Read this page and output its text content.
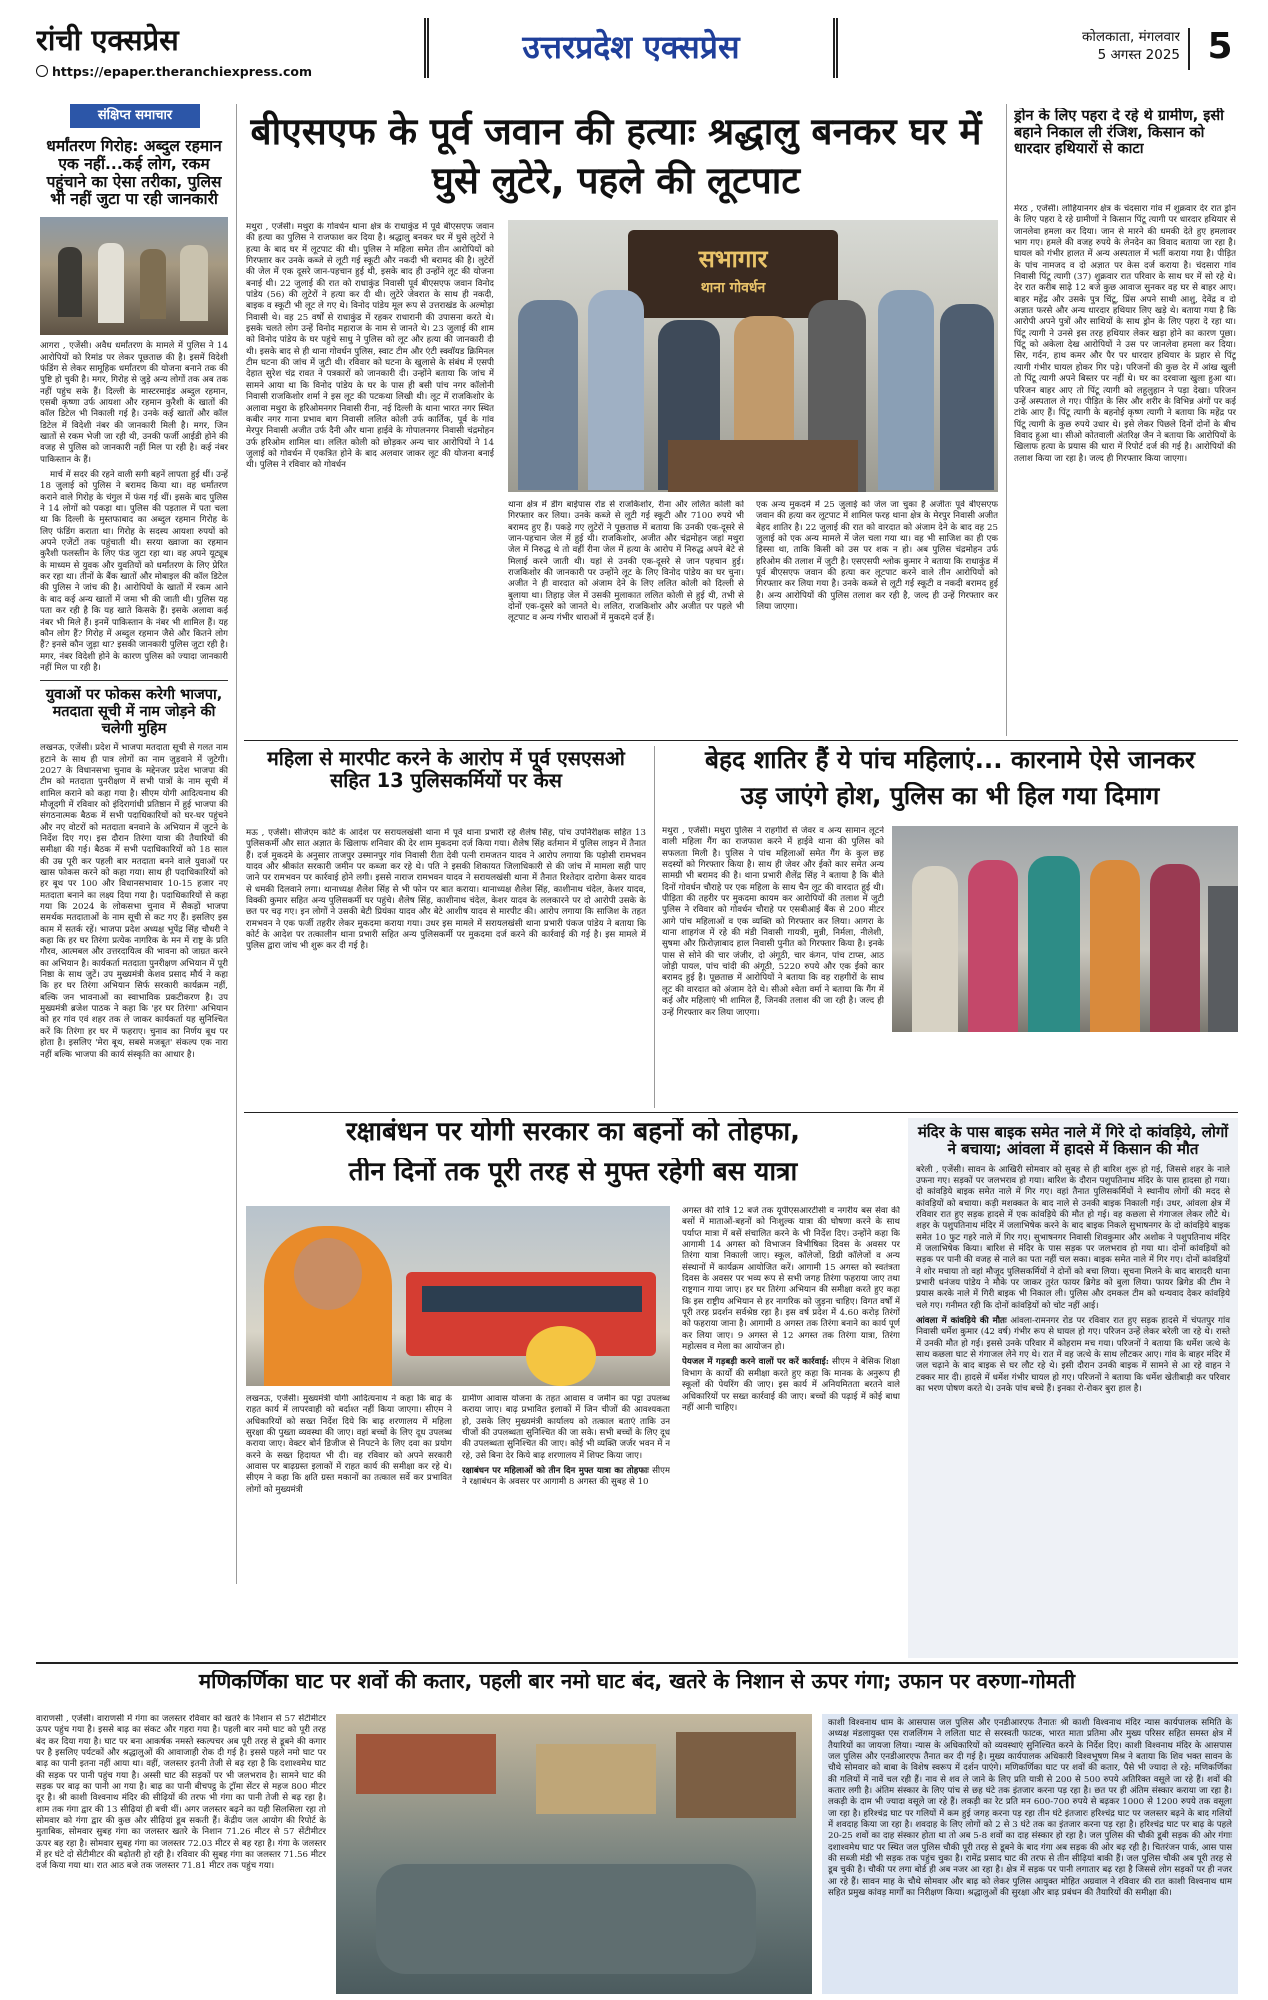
रांची एक्सप्रेस
https://epaper.theranchiexpress.com
उत्तरप्रदेश एक्सप्रेस	कोलकाता, मंगलवार
5 अगस्त 2025 5
संक्षिप्त समाचार
धर्मांतरण गिरोह: अब्दुल रहमान एक नहीं...कई लोग, रकम पहुंचाने का ऐसा तरीका, पुलिस भी नहीं जुटा पा रही जानकारी
आगरा , एजेंसी। अवैध धर्मांतरण के मामले में पुलिस ने 14 आरोपियों को रिमांड पर लेकर पूछताछ की है। इसमें विदेशी फंडिंग से लेकर सामूहिक धर्मांतरण की योजना बनाने तक की पुष्टि हो चुकी है। मगर, गिरोह से जुड़े अन्य लोगों तक अब तक नहीं पहुंच सके हैं। दिल्ली के मास्टरमाइंड अब्दुल रहमान, एसबी कृष्णा उर्फ आयशा और रहमान कुरैशी के खातों की कॉल डिटेल भी निकाली गई है। उनके कई खातों और कॉल डिटेल में विदेशी नंबर की जानकारी मिली है। मगर, जिन खातों से रकम भेजी जा रही थी, उनकी फर्जी आईडी होने की वजह से पुलिस को जानकारी नहीं मिल पा रही है। कई नंबर पाकिस्तान के हैं।
मार्च में सदर की रहने वाली सगी बहनें लापता हुई थीं। उन्हें 18 जुलाई को पुलिस ने बरामद किया था। वह धर्मांतरण कराने वाले गिरोह के चंगुल में फंस गई थीं। इसके बाद पुलिस ने 14 लोगों को पकड़ा था। पुलिस की पड़ताल में पता चला था कि दिल्ली के मुस्तफाबाद का अब्दुल रहमान गिरोह के लिए फंडिंग कराता था। गिरोह के सदस्य आयशा रुपयों को अपने एजेंटों तक पहुंचाती थी। सरया ख्वाजा का रहमान कुरैशी फलस्तीन के लिए फंड जुटा रहा था। वह अपने यूट्यूब के माध्यम से युवक और युवतियों को धर्मांतरण के लिए प्रेरित कर रहा था। तीनों के बैंक खातों और मोबाइल की कॉल डिटेल की पुलिस ने जांच की है। आरोपियों के खातों में रकम आने के बाद कई अन्य खातों में जमा भी की जाती थी। पुलिस यह पता कर रही है कि यह खाते किसके हैं। इसके अलावा कई नंबर भी मिले हैं। इनमें पाकिस्तान के नंबर भी शामिल हैं। यह कौन लोग हैं? गिरोह में अब्दुल रहमान जैसे और कितने लोग हैं? इनसे कौन जुड़ा था? इसकी जानकारी पुलिस जुटा रही है। मगर, नंबर विदेशी होने के कारण पुलिस को ज्यादा जानकारी नहीं मिल पा रही है।
युवाओं पर फोकस करेगी भाजपा, मतदाता सूची में नाम जोड़ने की चलेगी मुहिम
लखनऊ, एजेंसी। प्रदेश में भाजपा मतदाता सूची से गलत नाम हटाने के साथ ही पात्र लोगों का नाम जुड़वाने में जुटेगी। 2027 के विधानसभा चुनाव के मद्देनजर प्रदेश भाजपा की टीम को मतदाता पुनरीक्षण में सभी पात्रों के नाम सूची में शामिल कराने को कहा गया है। सीएम योगी आदित्यनाथ की मौजूदगी में रविवार को इंदिरागांधी प्रतिष्ठान में हुई भाजपा की संगठनात्मक बैठक में सभी पदाधिकारियों को घर-घर पहुंचने और नए वोटरों को मतदाता बनवाने के अभियान में जुटने के निर्देश दिए गए। इस दौरान तिरंगा यात्रा की तैयारियों की समीक्षा की गई। बैठक में सभी पदाधिकारियों को 18 साल की उम्र पूरी कर पहली बार मतदाता बनने वाले युवाओं पर खास फोकस करने को कहा गया। साथ ही पदाधिकारियों को हर बूथ पर 100 और विधानसभावार 10-15 हजार नए मतदाता बनाने का लक्ष्य दिया गया है। पदाधिकारियों से कहा गया कि 2024 के लोकसभा चुनाव में सैकड़ों भाजपा समर्थक मतदाताओं के नाम सूची से कट गए हैं। इसलिए इस काम में सतर्क रहें। भाजपा प्रदेश अध्यक्ष भूपेंद्र सिंह चौधरी ने कहा कि हर घर तिरंगा प्रत्येक नागरिक के मन में राष्ट्र के प्रति गौरव, आत्मबल और उत्तरदायित्व की भावना को जाग्रत करने का अभियान है। कार्यकर्ता मतदाता पुनरीक्षण अभियान में पूरी निष्ठा के साथ जुटें। उप मुख्यमंत्री केशव प्रसाद मौर्य ने कहा कि हर घर तिरंगा अभियान सिर्फ सरकारी कार्यक्रम नहीं, बल्कि जन भावनाओं का स्वाभाविक प्रकटीकरण है। उप मुख्यमंत्री ब्रजेश पाठक ने कहा कि 'हर घर तिरंगा' अभियान को हर गांव एवं शहर तक ले जाकर कार्यकर्ता यह सुनिश्चित करें कि तिरंगा हर घर में फहराए। चुनाव का निर्णय बूथ पर होता है। इसलिए 'मेरा बूथ, सबसे मजबूत' संकल्प एक नारा नहीं बल्कि भाजपा की कार्य संस्कृति का आधार है।
बीएसएफ के पूर्व जवान की हत्याः श्रद्धालु बनकर घर में घुसे लुटेरे, पहले की लूटपाट
मथुरा , एजेंसी। मथुरा के गोवर्धन थाना क्षेत्र के राधाकुंड में पूर्व बीएसएफ जवान की हत्या का पुलिस ने राजफाश कर दिया है। श्रद्धालु बनकर घर में घुसे लुटेरों ने हत्या के बाद घर में लूटपाट की थी। पुलिस ने महिला समेत तीन आरोपियों को गिरफ्तार कर उनके कब्जे से लूटी गई स्कूटी और नकदी भी बरामद की है। लुटेरों की जेल में एक दूसरे जान-पहचान हुई थी, इसके बाद ही उन्होंने लूट की योजना बनाई थी। 22 जुलाई की रात को राधाकुंड निवासी पूर्व बीएसएफ जवान विनोद पांडेय (56) की लुटेरों ने हत्या कर दी थी। लुटेरे जेवरात के साथ ही नकदी, बाइक व स्कूटी भी लूट ले गए थे। विनोद पांडेय मूल रूप से उत्तराखंड के अल्मोड़ा निवासी थे। वह 25 वर्षों से राधाकुंड में रहकर राधारानी की उपासना करते थे। इसके चलते लोग उन्हें विनोद महाराज के नाम से जानते थे। 23 जुलाई की शाम को विनोद पांडेय के घर पहुंचे साधु ने पुलिस को लूट और हत्या की जानकारी दी थी। इसके बाद से ही थाना गोवर्धन पुलिस, स्वाट टीम और एंटी स्क्वॉयड क्रिमिनल टीम घटना की जांच में जुटी थी। रविवार को घटना के खुलासे के संबंध में एसपी देहात सुरेश चंद्र रावत ने पत्रकारों को जानकारी दी। उन्होंने बताया कि जांच में सामने आया था कि विनोद पांडेय के घर के पास ही बसी पांच नगर कॉलोनी निवासी राजकिशोर शर्मा ने इस लूट की पटकथा लिखी थी। लूट में राजकिशोर के अलावा मथुरा के हरिओमनगर निवासी रीना, नई दिल्ली के थाना भारत नगर स्थित कबीर नगर गाना प्रभाव बाग निवासी ललित कोली उर्फ कार्तिक, पूर्व के गांव मेरपुर निवासी अजीत उर्फ दैनी और थाना हाईवे के गोपालनगर निवासी चंद्रमोहन उर्फ हरिओम शामिल था। ललित कोली को छोड़कर अन्य चार आरोपियों ने 14 जुलाई को गोवर्धन में एकत्रित होने के बाद अलवार जाकर लूट की योजना बनाई थी। पुलिस ने रविवार को गोवर्धन
सभागार
थाना गोवर्धन
थाना क्षेत्र में डीग बाईपास रोड से राजकिशोर, रीना और ललित कोली को गिरफ्तार कर लिया। उनके कब्जे से लूटी गई स्कूटी और 7100 रुपये भी बरामद हुए हैं। पकड़े गए लुटेरों ने पूछताछ में बताया कि उनकी एक-दूसरे से जान-पहचान जेल में हुई थी। राजकिशोर, अजीत और चंद्रमोहन जहां मथुरा जेल में निरुद्ध थे तो वहीं रीना जेल में हत्या के आरोप में निरुद्ध अपने बेटे से मिलाई करने जाती थी। यहां से उनकी एक-दूसरे से जान पहचान हुई। राजकिशोर की जानकारी पर उन्होंने लूट के लिए विनोद पांडेय का घर चुना। अजीत ने ही वारदात को अंजाम देने के लिए ललित कोली को दिल्ली से बुलाया था। तिहाड़ जेल में उसकी मुलाकात ललित कोली से हुई थी, तभी से दोनों एक-दूसरे को जानते थे। ललित, राजकिशोर और अजीत पर पहले भी लूटपाट व अन्य गंभीर धाराओं में मुकदमे दर्ज हैं।
एक अन्य मुकदमे में 25 जुलाई को जेल जा चुका है अजीतः पूर्व बीएसएफ जवान की हत्या कर लूटपाट में शामिल फरह थाना क्षेत्र के मेरपुर निवासी अजीत बेहद शातिर है। 22 जुलाई की रात को वारदात को अंजाम देने के बाद वह 25 जुलाई को एक अन्य मामले में जेल चला गया था। वह भी साजिश का ही एक हिस्सा था, ताकि किसी को उस पर शक न हो। अब पुलिस चंद्रमोहन उर्फ हरिओम की तलाश में जुटी है। एसएसपी श्लोक कुमार ने बताया कि राधाकुंड में पूर्व बीएसएफ जवान की हत्या कर लूटपाट करने वाले तीन आरोपियों को गिरफ्तार कर लिया गया है। उनके कब्जे से लूटी गई स्कूटी व नकदी बरामद हुई है। अन्य आरोपियों की पुलिस तलाश कर रही है, जल्द ही उन्हें गिरफ्तार कर लिया जाएगा।
ड्रोन के लिए पहरा दे रहे थे ग्रामीण, इसी बहाने निकाल ली रंजिश, किसान को धारदार हथियारों से काटा
मेरठ , एजेंसी। लोहियानगर क्षेत्र के चंदसारा गांव में शुक्रवार देर रात ड्रोन के लिए पहरा दे रहे ग्रामीणों ने किसान पिंटू त्यागी पर धारदार हथियार से जानलेवा हमला कर दिया। जान से मारने की धमकी देते हुए हमलावर भाग गए। हमले की वजह रुपये के लेनदेन का विवाद बताया जा रहा है। घायल को गंभीर हालत में अन्य अस्पताल में भर्ती कराया गया है। पीड़ित के पांच नामजद व दो अज्ञात पर केस दर्ज कराया है। चंदसारा गांव निवासी पिंटू त्यागी (37) शुक्रवार रात परिवार के साथ घर में सो रहे थे। देर रात करीब साढ़े 12 बजे कुछ आवाज सुनकर वह घर से बाहर आए। बाहर महेंद्र और उसके पुत्र चिंटू, प्रिंस अपने साथी आशु, देवेंद्र व दो अज्ञात फरसे और अन्य धारदार हथियार लिए खड़े थे। बताया गया है कि आरोपी अपने पुत्रों और साथियों के साथ ड्रोन के लिए पहरा दे रहा था। पिंटू त्यागी ने उनसे इस तरह हथियार लेकर खड़ा होने का कारण पूछा। पिंटू को अकेला देख आरोपियों ने उस पर जानलेवा हमला कर दिया। सिर, गर्दन, हाथ कमर और पैर पर धारदार हथियार के प्रहार से पिंटू त्यागी गंभीर घायल होकर गिर पड़े। परिजनों की कुछ देर में आंख खुली तो पिंटू त्यागी अपने बिस्तर पर नहीं थे। घर का दरवाजा खुला हुआ था। परिजन बाहर आए तो पिंटू त्यागी को लहूलुहान ने पड़ा देखा। परिजन उन्हें अस्पताल ले गए। पीड़ित के सिर और शरीर के विभिन्न अंगों पर कई टांके आए हैं। पिंटू त्यागी के बहनोई कृष्ण त्यागी ने बताया कि महेंद्र पर पिंटू त्यागी के कुछ रुपये उधार थे। इसे लेकर पिछले दिनों दोनों के बीच विवाद हुआ था। सीओ कोतवाली अंतरिक्ष जैन ने बताया कि आरोपियों के खिलाफ हत्या के प्रयास की धारा में रिपोर्ट दर्ज की गई है। आरोपियों की तलाश किया जा रहा है। जल्द ही गिरफ्तार किया जाएगा।
महिला से मारपीट करने के आरोप में पूर्व एसएसओ सहित 13 पुलिसकर्मियों पर केस
मऊ , एजेंसी। सीजेएम कोर्ट के आदेश पर सरायलखंसी थाना में पूर्व थाना प्रभारी रहे शैलेष सिंह, पांच उपनिरीक्षक सहित 13 पुलिसकर्मी और सात अज्ञात के खिलाफ शनिवार की देर शाम मुकदमा दर्ज किया गया। शैलेष सिंह वर्तमान में पुलिस लाइन में तैनात हैं। दर्ज मुकदमे के अनुसार ताजपुर उस्मानपुर गांव निवासी रीता देवी पत्नी रामजतन यादव ने आरोप लगाया कि पड़ोसी रामभवन यादव और श्रीकांत सरकारी जमीन पर कब्जा कर रहे थे। पति ने इसकी शिकायत जिलाधिकारी से की जांच में मामला सही पाए जाने पर रामभवन पर कार्रवाई होने लगी। इससे नाराज रामभवन यादव ने सरायलखंसी थाना में तैनात रिश्तेदार दारोगा केसर यादव से धमकी दिलवाने लगा। थानाध्यक्ष शैलेश सिंह से भी फोन पर बात कराया। थानाध्यक्ष शैलेश सिंह, काशीनाथ चंदेल, केशर यादव, विक्की कुमार सहित अन्य पुलिसकर्मी घर पहुंचे। शैलेष सिंह, काशीनाथ चंदेल, केशर यादव के ललकारने पर दो आरोपी उसके के छत पर चढ़ गए। इन लोगों ने उसकी बेटी प्रियंका यादव और बेटे आशीष यादव से मारपीट की। आरोप लगाया कि साजिश के तहत रामभवन ने एक फर्जी तहरीर लेकर मुकदमा कराया गया। उधर इस मामले में सरायलखंसी थाना प्रभारी पंकज पांडेय ने बताया कि कोर्ट के आदेश पर तत्कालीन थाना प्रभारी सहित अन्य पुलिसकर्मी पर मुकदमा दर्ज करने की कार्रवाई की गई है। इस मामले में पुलिस द्वारा जांच भी शुरू कर दी गई है।
बेहद शातिर हैं ये पांच महिलाएं... कारनामे ऐसे जानकर
उड़ जाएंगे होश, पुलिस का भी हिल गया दिमाग
मथुरा , एजेंसी। मथुरा पुलिस ने राहगीरों से जेवर व अन्य सामान लूटने वाली महिला गैंग का राजफाश करने में हाईवे थाना की पुलिस को सफलता मिली है। पुलिस ने पांच महिलाओं समेत गैंग के कुल छह सदस्यों को गिरफ्तार किया है। साथ ही जेवर और ईको कार समेत अन्य सामग्री भी बरामद की है। थाना प्रभारी शैलेंद्र सिंह ने बताया है कि बीते दिनों गोवर्धन चौराहे पर एक महिला के साथ चैन लूट की वारदात हुई थी। पीड़िता की तहरीर पर मुकदमा कायम कर आरोपियों की तलाश में जुटी पुलिस ने रविवार को गोवर्धन चौराहे पर एसबीआई बैंक से 200 मीटर आगे पांच महिलाओं व एक व्यक्ति को गिरफ्तार कर लिया। आगरा के थाना शाहगंज में रहे की मंडी निवासी गायत्री, मुन्नी, निर्मला, नीलेशी, सुषमा और फ़िरोज़ाबाद हाल निवासी पुनीत को गिरफ्तार किया है। इनके पास से सोने की चार जंजीर, दो अंगूठी, चार कंगन, पांच टाप्स, आठ जोड़ी पायल, पांच चांदी की अंगूठी, 5220 रुपये और एक ईको कार बरामद हुई है। पूछताछ में आरोपियों ने बताया कि वह राहगीरों के साथ लूट की वारदात को अंजाम देते थे। सीओ श्वेता वर्मा ने बताया कि गैंग में कई और महिलाएं भी शामिल हैं, जिनकी तलाश की जा रही है। जल्द ही उन्हें गिरफ्तार कर लिया जाएगा।
रक्षाबंधन पर योगी सरकार का बहनों को तोहफा,
तीन दिनों तक पूरी तरह से मुफ्त रहेगी बस यात्रा
लखनऊ, एजेंसी। मुख्यमंत्री योगी आदित्यनाथ ने कहा कि बाढ़ के राहत कार्य में लापरवाही को बर्दाश्त नहीं किया जाएगा। सीएम ने अधिकारियों को सख्त निर्देश दिये कि बाढ़ शरणालय में महिला सुरक्षा की पुख्ता व्यवस्था की जाए। वहां बच्चों के लिए दूध उपलब्ध कराया जाए। वेक्टर बोर्न डिजीज से निपटने के लिए दवा का प्रयोग करने के सख्त हिदायत भी दी। वह रविवार को अपने सरकारी आवास पर बाढ़ग्रस्त इलाकों में राहत कार्य की समीक्षा कर रहे थे। सीएम ने कहा कि क्षति ग्रस्त मकानों का तत्काल सर्वे कर प्रभावित लोगों को मुख्यमंत्री
ग्रामीण आवास योजना के तहत आवास व जमीन का पट्टा उपलब्ध कराया जाए। बाढ़ प्रभावित इलाकों में जिन चीजों की आवश्यकता हो, उसके लिए मुख्यमंत्री कार्यालय को तत्काल बताएं ताकि उन चीजों की उपलब्धता सुनिश्चित की जा सके। सभी बच्चों के लिए दूध की उपलब्धता सुनिश्चित की जाए। कोई भी व्यक्ति जर्जर भवन में न रहे, उसे बिना देर किये बाढ़ शरणालय में शिफ्ट किया जाए।
रक्षाबंधन पर महिलाओं को तीन दिन मुफ्त यात्रा का तोहफाः सीएम ने रक्षाबंधन के अवसर पर आगामी 8 अगस्त की सुबह से 10
अगस्त की रात्रि 12 बजे तक यूपीएसआरटीसी व नगरीय बस सेवा की बसों में माताओं-बहनों को निःशुल्क यात्रा की घोषणा करने के साथ पर्याप्त मात्रा में बसें संचालित करने के भी निर्देश दिए। उन्होंने कहा कि आगामी 14 अगस्त को विभाजन विभीषिका दिवस के अवसर पर तिरंगा यात्रा निकाली जाए। स्कूल, कॉलेजों, डिग्री कॉलेजों व अन्य संस्थानों में कार्यक्रम आयोजित करें। आगामी 15 अगस्त को स्वतंत्रता दिवस के अवसर पर भव्य रूप से सभी जगह तिरंगा फहराया जाए तथा राष्ट्रगान गाया जाए। हर घर तिरंगा अभियान की समीक्षा करते हुए कहा कि इस राष्ट्रीय अभियान से हर नागरिक को जुड़ना चाहिए। विगत वर्षों में पूरी तरह प्रदर्शन सर्वश्रेष्ठ रहा है। इस वर्ष प्रदेश में 4.60 करोड़ तिरंगों को फहराया जाना है। आगामी 8 अगस्त तक तिरंगा बनाने का कार्य पूर्ण कर लिया जाए। 9 अगस्त से 12 अगस्त तक तिरंगा यात्रा, तिरंगा महोत्सव व मेला का आयोजन हो।
पेयजल में गड़बड़ी करने वालों पर करें कार्रवाई: सीएम ने बेसिक शिक्षा विभाग के कार्यों की समीक्षा करते हुए कहा कि मानक के अनुरूप ही स्कूलों की पेयरिंग की जाए। इस कार्य में अनियमितता बरतने वाले अधिकारियों पर सख्त कार्रवाई की जाए। बच्चों की पढ़ाई में कोई बाधा नहीं आनी चाहिए।
मंदिर के पास बाइक समेत नाले में गिरे दो कांवड़िये, लोगों ने बचाया; आंवला में हादसे में किसान की मौत
बरेली , एजेंसी। सावन के आखिरी सोमवार को सुबह से ही बारिश शुरू हो गई, जिससे शहर के नाले उफना गए। सड़कों पर जलभराव हो गया। बारिश के दौरान पशुपतिनाथ मंदिर के पास हादसा हो गया। दो कांवड़िये बाइक समेत नाले में गिर गए। वहां तैनात पुलिसकर्मियों ने स्थानीय लोगों की मदद से कांवड़ियों को बचाया। कड़ी मशक्कत के बाद नाले से उनकी बाइक निकाली गई। उधर, आंवला क्षेत्र में रविवार रात हुए सड़क हादसे में एक कांवड़िये की मौत हो गई। वह कछला से गंगाजल लेकर लौटे थे। शहर के पशुपतिनाथ मंदिर में जलाभिषेक करने के बाद बाइक निकले सुभाषनगर के दो कांवड़िये बाइक समेत 10 फुट गहरे नाले में गिर गए। सुभाषनगर निवासी शिवकुमार और अशोक ने पशुपतिनाथ मंदिर में जलाभिषेक किया। बारिश से मंदिर के पास सड़क पर जलभराव हो गया था। दोनों कांवड़ियों को सड़क पर पानी की वजह से नाले का पता नहीं चल सका। बाइक समेत नाले में गिर गए। दोनों कांवड़ियों ने शोर मचाया तो वहां मौजूद पुलिसकर्मियों ने दोनों को बचा लिया। सूचना मिलने के बाद बारादरी थाना प्रभारी धनंजय पांडेय ने मौके पर जाकर तुरंत फायर ब्रिगेड को बुला लिया। फायर ब्रिगेड की टीम ने प्रयास करके नाले में गिरी बाइक भी निकाल ली। पुलिस और दमकल टीम को धन्यवाद देकर कांवड़िये चले गए। गनीमत रही कि दोनों कांवड़ियों को चोट नहीं आई।
आंवला में कांवड़िये की मौतः आंवला-रामनगर रोड पर रविवार रात हुए सड़क हादसे में चंपतपुर गांव निवासी धर्मेश कुमार (42 वर्ष) गंभीर रूप से घायल हो गए। परिजन उन्हें लेकर बरेली जा रहे थे। रास्ते में उनकी मौत हो गई। इससे उनके परिवार में कोहराम मच गया। परिजनों ने बताया कि धर्मेश जत्थे के साथ कछला घाट से गंगाजल लेने गए थे। रात में वह जत्थे के साथ लौटकर आए। गांव के बाहर मंदिर में जल चढ़ाने के बाद बाइक से घर लौट रहे थे। इसी दौरान उनकी बाइक में सामने से आ रहे वाहन ने टक्कर मार दी। हादसे में धर्मेश गंभीर घायल हो गए। परिजनों ने बताया कि धर्मेश खेतीबाड़ी कर परिवार का भरण पोषण करते थे। उनके पांच बच्चे हैं। इनका रो-रोकर बुरा हाल है।
मणिकर्णिका घाट पर शवों की कतार, पहली बार नमो घाट बंद, खतरे के निशान से ऊपर गंगा; उफान पर वरुणा-गोमती
वाराणसी , एजेंसी। वाराणसी में गंगा का जलस्तर रविवार को खतरे के निशान से 57 सेंटीमीटर ऊपर पहुंच गया है। इससे बाढ़ का संकट और गहरा गया है। पहली बार नमो घाट को पूरी तरह बंद कर दिया गया है। घाट पर बना आकर्षक नमस्ते स्कल्पचर अब पूरी तरह से डूबने की कगार पर है इसलिए पर्यटकों और श्रद्धालुओं की आवाजाही रोक दी गई है। इससे पहले नमो घाट पर बाढ़ का पानी इतना नहीं आया था। वहीं, जलस्तर इतनी तेजी से बढ़ रहा है कि दशाश्वमेध घाट की सड़क पर पानी पहुंच गया है। अस्सी घाट की सड़कों पर भी जलभराव है। सामने घाट की सड़क पर बाढ़ का पानी आ गया है। बाढ़ का पानी बीचपट्ठ के ट्रॉमा सेंटर से महज 800 मीटर दूर है। श्री काशी विश्वनाथ मंदिर की सीढ़ियों की तरफ भी गंगा का पानी तेजी से बढ़ रहा है। शाम तक गंगा द्वार की 13 सीढ़ियां ही बची थीं। अगर जलस्तर बढ़ने का यही सिलसिला रहा तो सोमवार को गंगा द्वार की कुछ और सीढ़ियां डूब सकती हैं। केंद्रीय जल आयोग की रिपोर्ट के मुताबिक, सोमवार सुबह गंगा का जलस्तर खतरे के निशान 71.26 मीटर से 57 सेंटीमीटर ऊपर बह रहा है। सोमवार सुबह गंगा का जलस्तर 72.03 मीटर से बह रहा है। गंगा के जलस्तर में हर घंटे दो सेंटीमीटर की बढ़ोतरी हो रही है। रविवार की सुबह गंगा का जलस्तर 71.56 मीटर दर्ज किया गया था। रात आठ बजे तक जलस्तर 71.81 मीटर तक पहुंच गया।
काशी विश्वनाथ धाम के आसपास जल पुलिस और एनडीआरएफ तैनातः श्री काशी विश्वनाथ मंदिर न्यास कार्यपालक समिति के अध्यक्ष मंडलायुक्त एस राजलिंगम ने ललिता घाट से सरस्वती फाटक, भारत माता प्रतिमा और मुख्य परिसर सहित समस्त क्षेत्र में तैयारियों का जायजा लिया। न्यास के अधिकारियों को व्यवस्थाएं सुनिश्चित करने के निर्देश दिए। काशी विश्वनाथ मंदिर के आसपास जल पुलिस और एनडीआरएफ तैनात कर दी गई है। मुख्य कार्यपालक अधिकारी विश्वभूषण मिश्र ने बताया कि शिव भक्त सावन के चौथे सोमवार को बाबा के विशेष स्वरूप में दर्शन पाएंगे। मणिकर्णिका घाट पर शवों की कतार, पैसे भी ज्यादा ले रहे: मणिकर्णिका की गलियों में नावें चल रही हैं। नाव से शव ले जाने के लिए प्रति यात्री से 200 से 500 रुपये अतिरिक्त वसूले जा रहे हैं। शवों की कतार लगी है। अंतिम संस्कार के लिए पांच से छह घंटे तक इंतजार करना पड़ रहा है। छत पर ही अंतिम संस्कार कराया जा रहा है। लकड़ी के दाम भी ज्यादा वसूले जा रहे हैं। लकड़ी का रेट प्रति मन 600-700 रुपये से बढ़कर 1000 से 1200 रुपये तक वसूला जा रहा है। हरिश्चंद्र घाट पर गलियों में कम हुई जगह करना पड़ रहा तीन घंटे इंतजारः हरिश्चंद्र घाट पर जलस्तर बढ़ने के बाद गलियों में शवदाह किया जा रहा है। शवदाह के लिए लोगों को 2 से 3 घंटे तक का इंतजार करना पड़ रहा है। हरिश्चंद्र घाट पर बाढ़ के पहले 20-25 शवों का दाह संस्कार होता था तो अब 5-8 शवों का दाह संस्कार हो रहा है। जल पुलिस की चौकी डूबी सड़क की ओर गंगाः दशाश्वमेध घाट पर स्थित जल पुलिस चौकी पूरी तरह से डूबने के बाद गंगा अब सड़क की ओर बढ़ रही है। चितरंजन पार्क, आस पास की सब्जी मंडी भी सड़क तक पहुंच चुका है। रामेंद्र प्रसाद घाट की तरफ से तीन सीढ़ियां बाकी हैं। जल पुलिस चौकी अब पूरी तरह से डूब चुकी है। चौकी पर लगा बोर्ड ही अब नजर आ रहा है। क्षेत्र में सड़क पर पानी लगातार बढ़ रहा है जिससे लोग सड़कों पर ही नजर आ रहे हैं। सावन माह के चौथे सोमवार और बाढ़ को लेकर पुलिस आयुक्त मोहित अग्रवाल ने रविवार की रात काशी विश्वनाथ धाम सहित प्रमुख कांवड़ मार्गों का निरीक्षण किया। श्रद्धालुओं की सुरक्षा और बाढ़ प्रबंधन की तैयारियों की समीक्षा की।
